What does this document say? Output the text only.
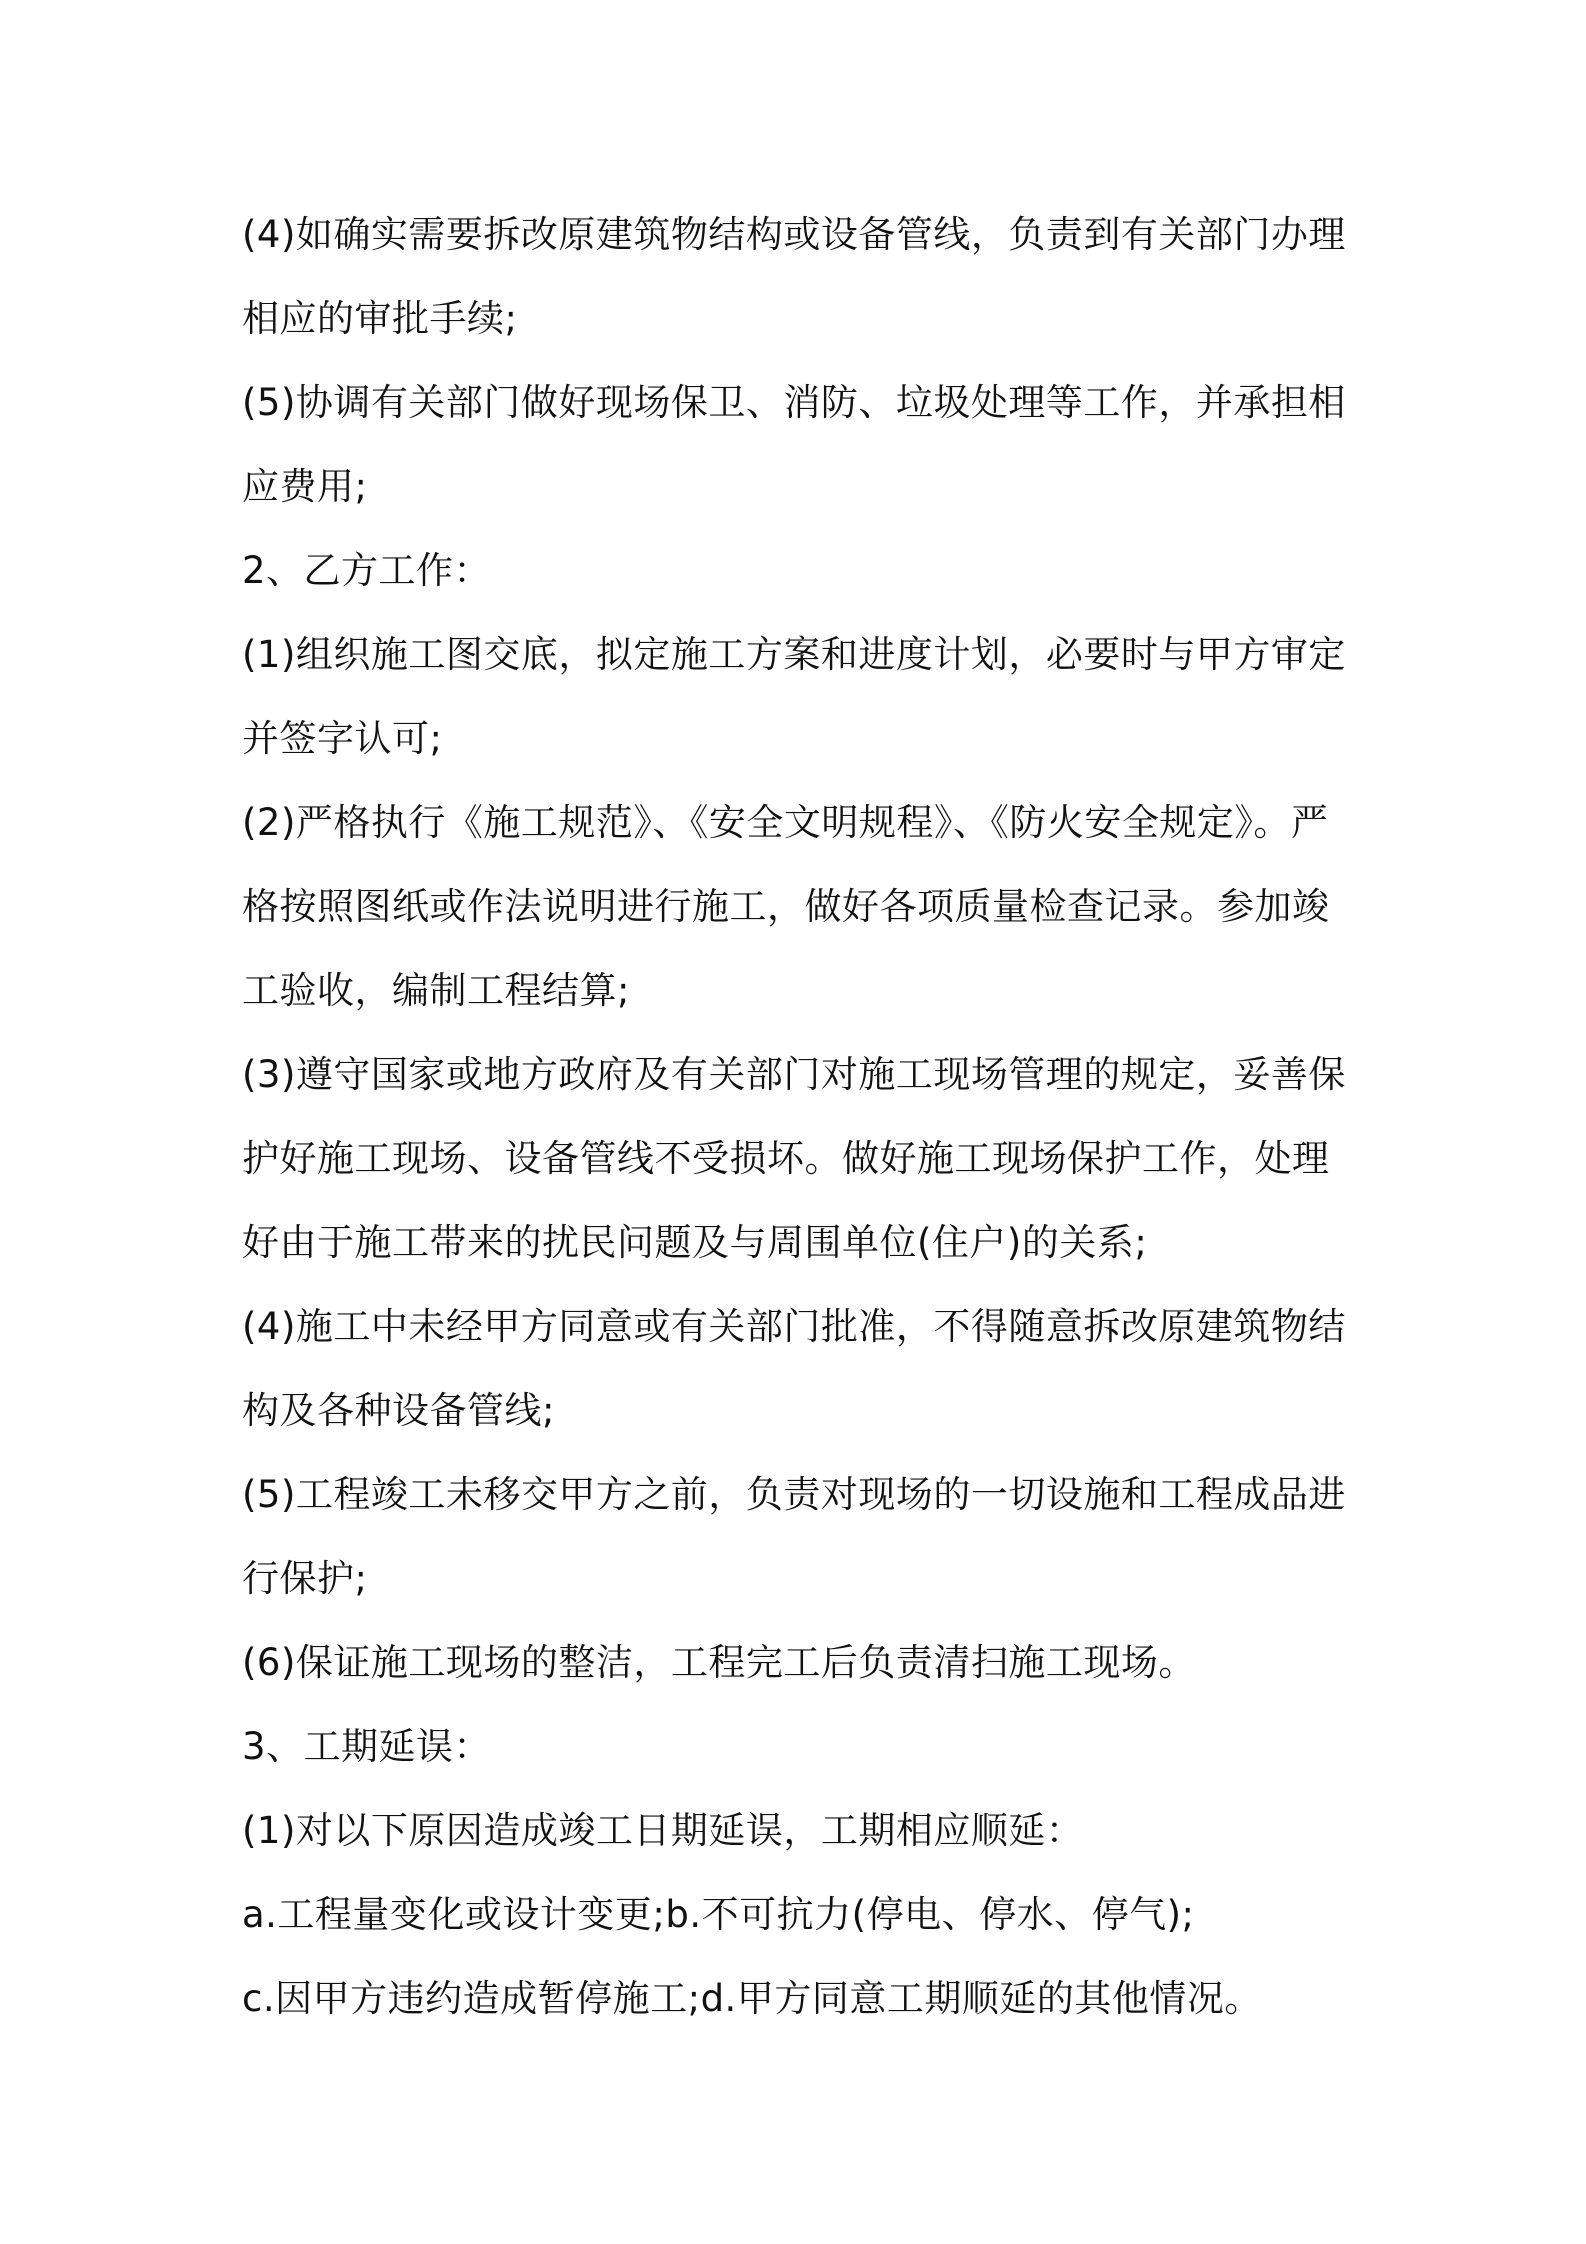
(4)如确实需要拆改原建筑物结构或设备管线，负责到有关部门办理相应的审批手续;

(5)协调有关部门做好现场保卫、消防、垃圾处理等工作，并承担相应费用;

2、乙方工作：

(1)组织施工图交底，拟定施工方案和进度计划，必要时与甲方审定并签字认可;

(2)严格执行《施工规范》、《安全文明规程》、《防火安全规定》。严格按照图纸或作法说明进行施工，做好各项质量检查记录。参加竣工验收，编制工程结算;

(3)遵守国家或地方政府及有关部门对施工现场管理的规定，妥善保护好施工现场、设备管线不受损坏。做好施工现场保护工作，处理好由于施工带来的扰民问题及与周围单位(住户)的关系;

(4)施工中未经甲方同意或有关部门批准，不得随意拆改原建筑物结构及各种设备管线;

(5)工程竣工未移交甲方之前，负责对现场的一切设施和工程成品进行保护;

(6)保证施工现场的整洁，工程完工后负责清扫施工现场。

3、工期延误：

(1)对以下原因造成竣工日期延误，工期相应顺延：

a.工程量变化或设计变更;b.不可抗力(停电、停水、停气);

c.因甲方违约造成暂停施工;d.甲方同意工期顺延的其他情况。
